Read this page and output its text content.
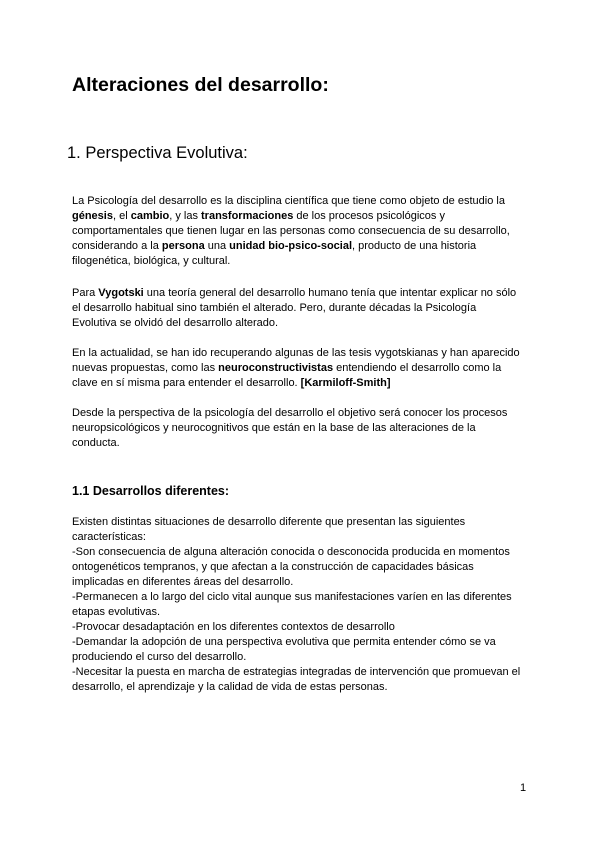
Alteraciones del desarrollo:
1. Perspectiva Evolutiva:

La Psicología del desarrollo es la disciplina científica que tiene como objeto de estudio la
génesis, el cambio, y las transformaciones de los procesos psicológicos y
comportamentales que tienen lugar en las personas como consecuencia de su desarrollo,
considerando a la persona una unidad bio-psico-social, producto de una historia
filogenética, biológica, y cultural.

Para Vygotski una teoría general del desarrollo humano tenía que intentar explicar no sólo
el desarrollo habitual sino también el alterado. Pero, durante décadas la Psicología
Evolutiva se olvidó del desarrollo alterado.

En la actualidad, se han ido recuperando algunas de las tesis vygotskianas y han aparecido
nuevas propuestas, como las neuroconstructivistas entendiendo el desarrollo como la
clave en sí misma para entender el desarrollo. [Karmiloff-Smith]

Desde la perspectiva de la psicología del desarrollo el objetivo será conocer los procesos
neuropsicológicos y neurocognitivos que están en la base de las alteraciones de la
conducta.

1.1 Desarrollos diferentes:

Existen distintas situaciones de desarrollo diferente que presentan las siguientes
características:
-Son consecuencia de alguna alteración conocida o desconocida producida en momentos
ontogenéticos tempranos, y que afectan a la construcción de capacidades básicas
implicadas en diferentes áreas del desarrollo.
-Permanecen a lo largo del ciclo vital aunque sus manifestaciones varíen en las diferentes
etapas evolutivas.
-Provocar desadaptación en los diferentes contextos de desarrollo
-Demandar la adopción de una perspectiva evolutiva que permita entender cómo se va
produciendo el curso del desarrollo.
-Necesitar la puesta en marcha de estrategias integradas de intervención que promuevan el
desarrollo, el aprendizaje y la calidad de vida de estas personas.

1
